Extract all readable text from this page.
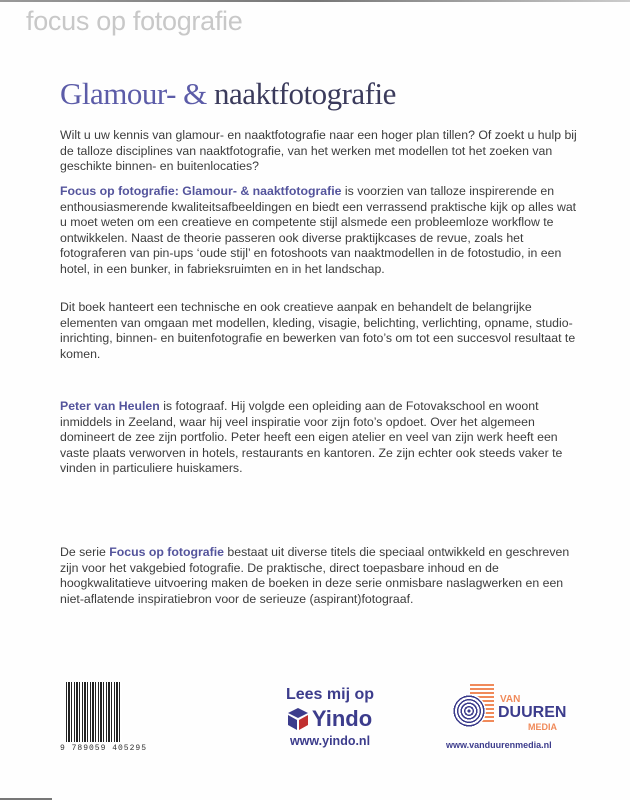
focus op fotografie
Glamour- & naaktfotografie

Wilt u uw kennis van glamour- en naaktfotografie naar een hoger plan tillen? Of zoekt u hulp bij de talloze disciplines van naaktfotografie, van het werken met modellen tot het zoeken van geschikte binnen- en buitenlocaties?

Focus op fotografie: Glamour- & naaktfotografie is voorzien van talloze inspirerende en enthousiasmerende kwaliteitsafbeeldingen en biedt een verrassend praktische kijk op alles wat u moet weten om een creatieve en competente stijl alsmede een probleemloze workflow te ontwikkelen. Naast de theorie passeren ook diverse praktijkcases de revue, zoals het fotograferen van pin-ups ‘oude stijl’ en fotoshoots van naaktmodellen in de fotostudio, in een hotel, in een bunker, in fabrieksruimten en in het landschap.

Dit boek hanteert een technische en ook creatieve aanpak en behandelt de belangrijke elementen van omgaan met modellen, kleding, visagie, belichting, verlichting, opname, studio-inrichting, binnen- en buitenfotografie en bewerken van foto’s om tot een succesvol resultaat te komen.

Peter van Heulen is fotograaf. Hij volgde een opleiding aan de Fotovakschool en woont inmiddels in Zeeland, waar hij veel inspiratie voor zijn foto’s opdoet. Over het algemeen domineert de zee zijn portfolio. Peter heeft een eigen atelier en veel van zijn werk heeft een vaste plaats verworven in hotels, restaurants en kantoren. Ze zijn echter ook steeds vaker te vinden in particuliere huiskamers.

De serie Focus op fotografie bestaat uit diverse titels die speciaal ontwikkeld en geschreven zijn voor het vakgebied fotografie. De praktische, direct toepasbare inhoud en de hoogkwalitatieve uitvoering maken de boeken in deze serie onmisbare naslagwerken en een niet-aflatende inspiratiebron voor de serieuze (aspirant)fotograaf.

9 789059 405295
Lees mij op
Yindo
www.yindo.nl
VAN
DUUREN
MEDIA
www.vanduurenmedia.nl
